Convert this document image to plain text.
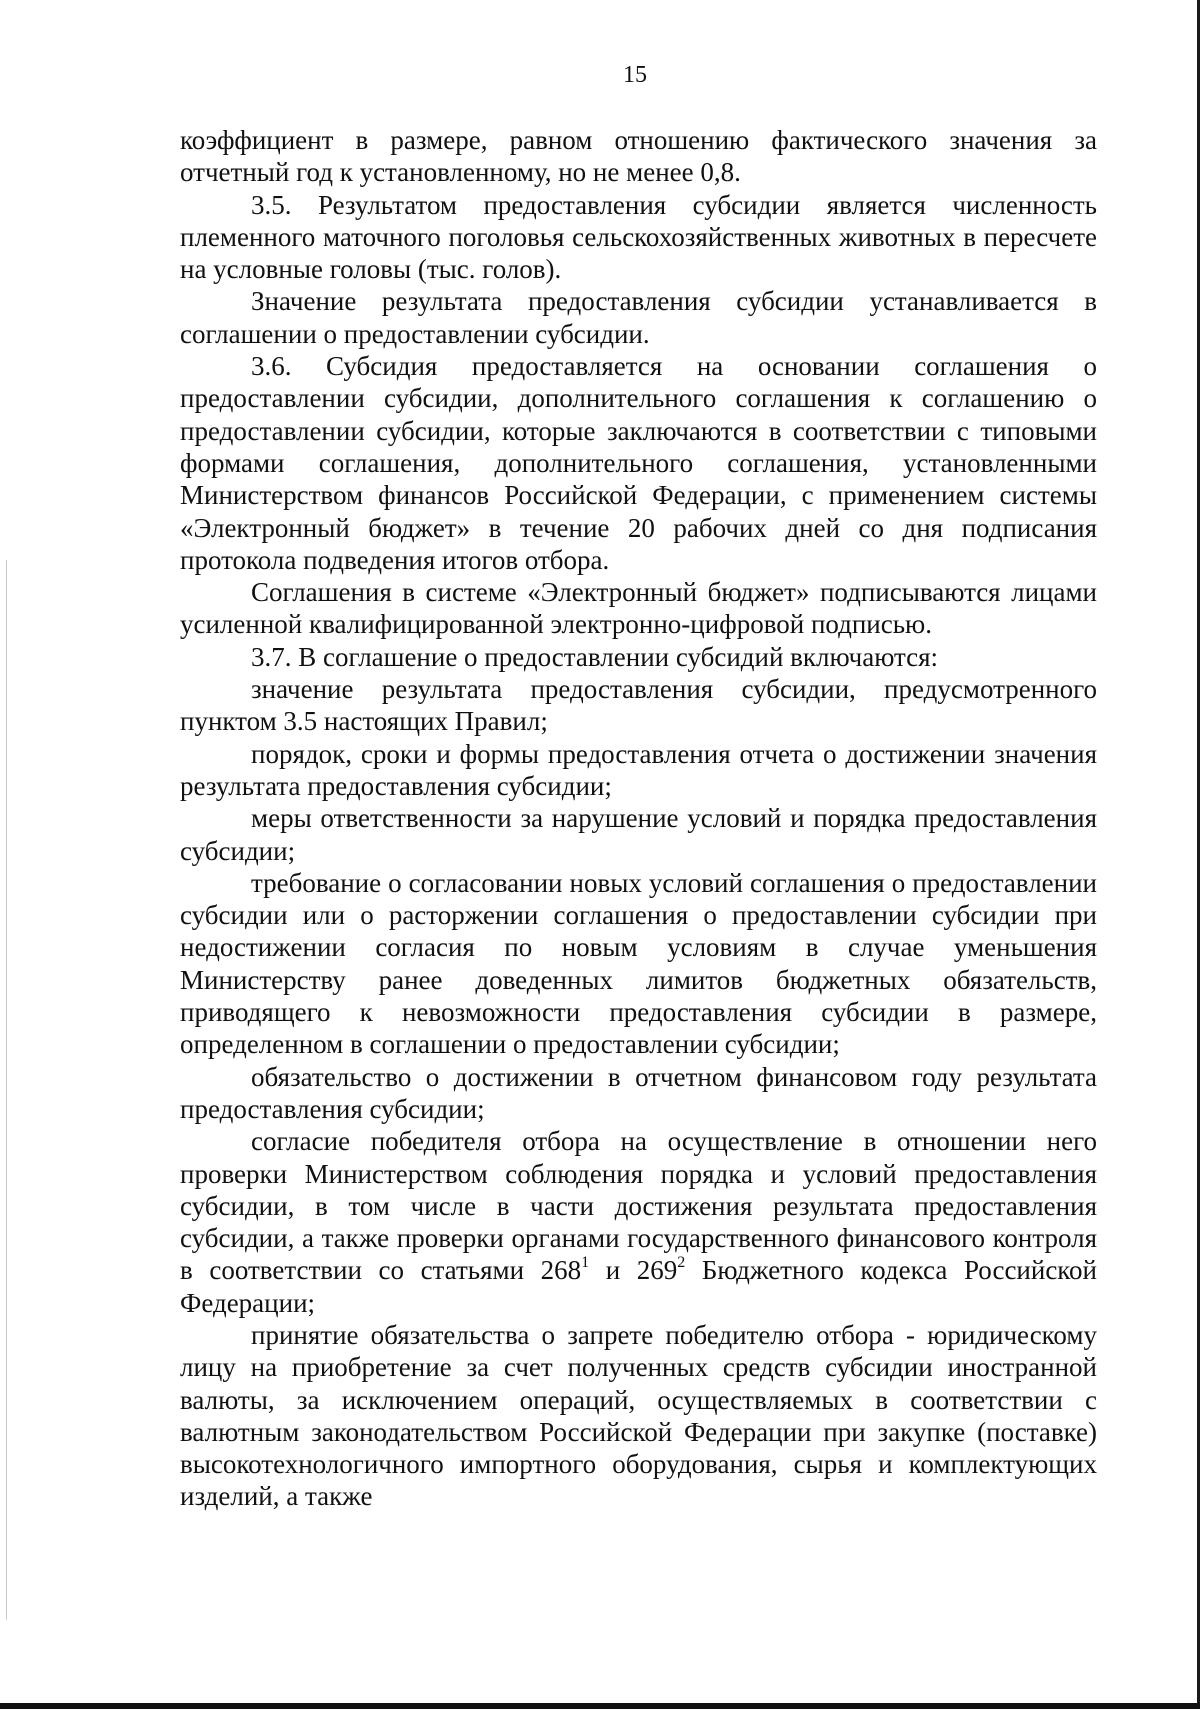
15

коэффициент в размере, равном отношению фактического значения за отчетный год к установленному, но не менее 0,8.

3.5. Результатом предоставления субсидии является численность племенного маточного поголовья сельскохозяйственных животных в пересчете на условные головы (тыс. голов).

Значение результата предоставления субсидии устанавливается в соглашении о предоставлении субсидии.

3.6. Субсидия предоставляется на основании соглашения о предоставлении субсидии, дополнительного соглашения к соглашению о предоставлении субсидии, которые заключаются в соответствии с типовыми формами соглашения, дополнительного соглашения, установленными Министерством финансов Российской Федерации, с применением системы «Электронный бюджет» в течение 20 рабочих дней со дня подписания протокола подведения итогов отбора.

Соглашения в системе «Электронный бюджет» подписываются лицами усиленной квалифицированной электронно-цифровой подписью.

3.7. В соглашение о предоставлении субсидий включаются:

значение результата предоставления субсидии, предусмотренного пунктом 3.5 настоящих Правил;

порядок, сроки и формы предоставления отчета о достижении значения результата предоставления субсидии;

меры ответственности за нарушение условий и порядка предоставления субсидии;

требование о согласовании новых условий соглашения о предоставлении субсидии или о расторжении соглашения о предоставлении субсидии при недостижении согласия по новым условиям в случае уменьшения Министерству ранее доведенных лимитов бюджетных обязательств, приводящего к невозможности предоставления субсидии в размере, определенном в соглашении о предоставлении субсидии;

обязательство о достижении в отчетном финансовом году результата предоставления субсидии;

согласие победителя отбора на осуществление в отношении него проверки Министерством соблюдения порядка и условий предоставления субсидии, в том числе в части достижения результата предоставления субсидии, а также проверки органами государственного финансового контроля в соответствии со статьями $268^1$ и $269^2$ Бюджетного кодекса Российской Федерации;

принятие обязательства о запрете победителю отбора - юридическому лицу на приобретение за счет полученных средств субсидии иностранной валюты, за исключением операций, осуществляемых в соответствии с валютным законодательством Российской Федерации при закупке (поставке) высокотехнологичного импортного оборудования, сырья и комплектующих изделий, а также
